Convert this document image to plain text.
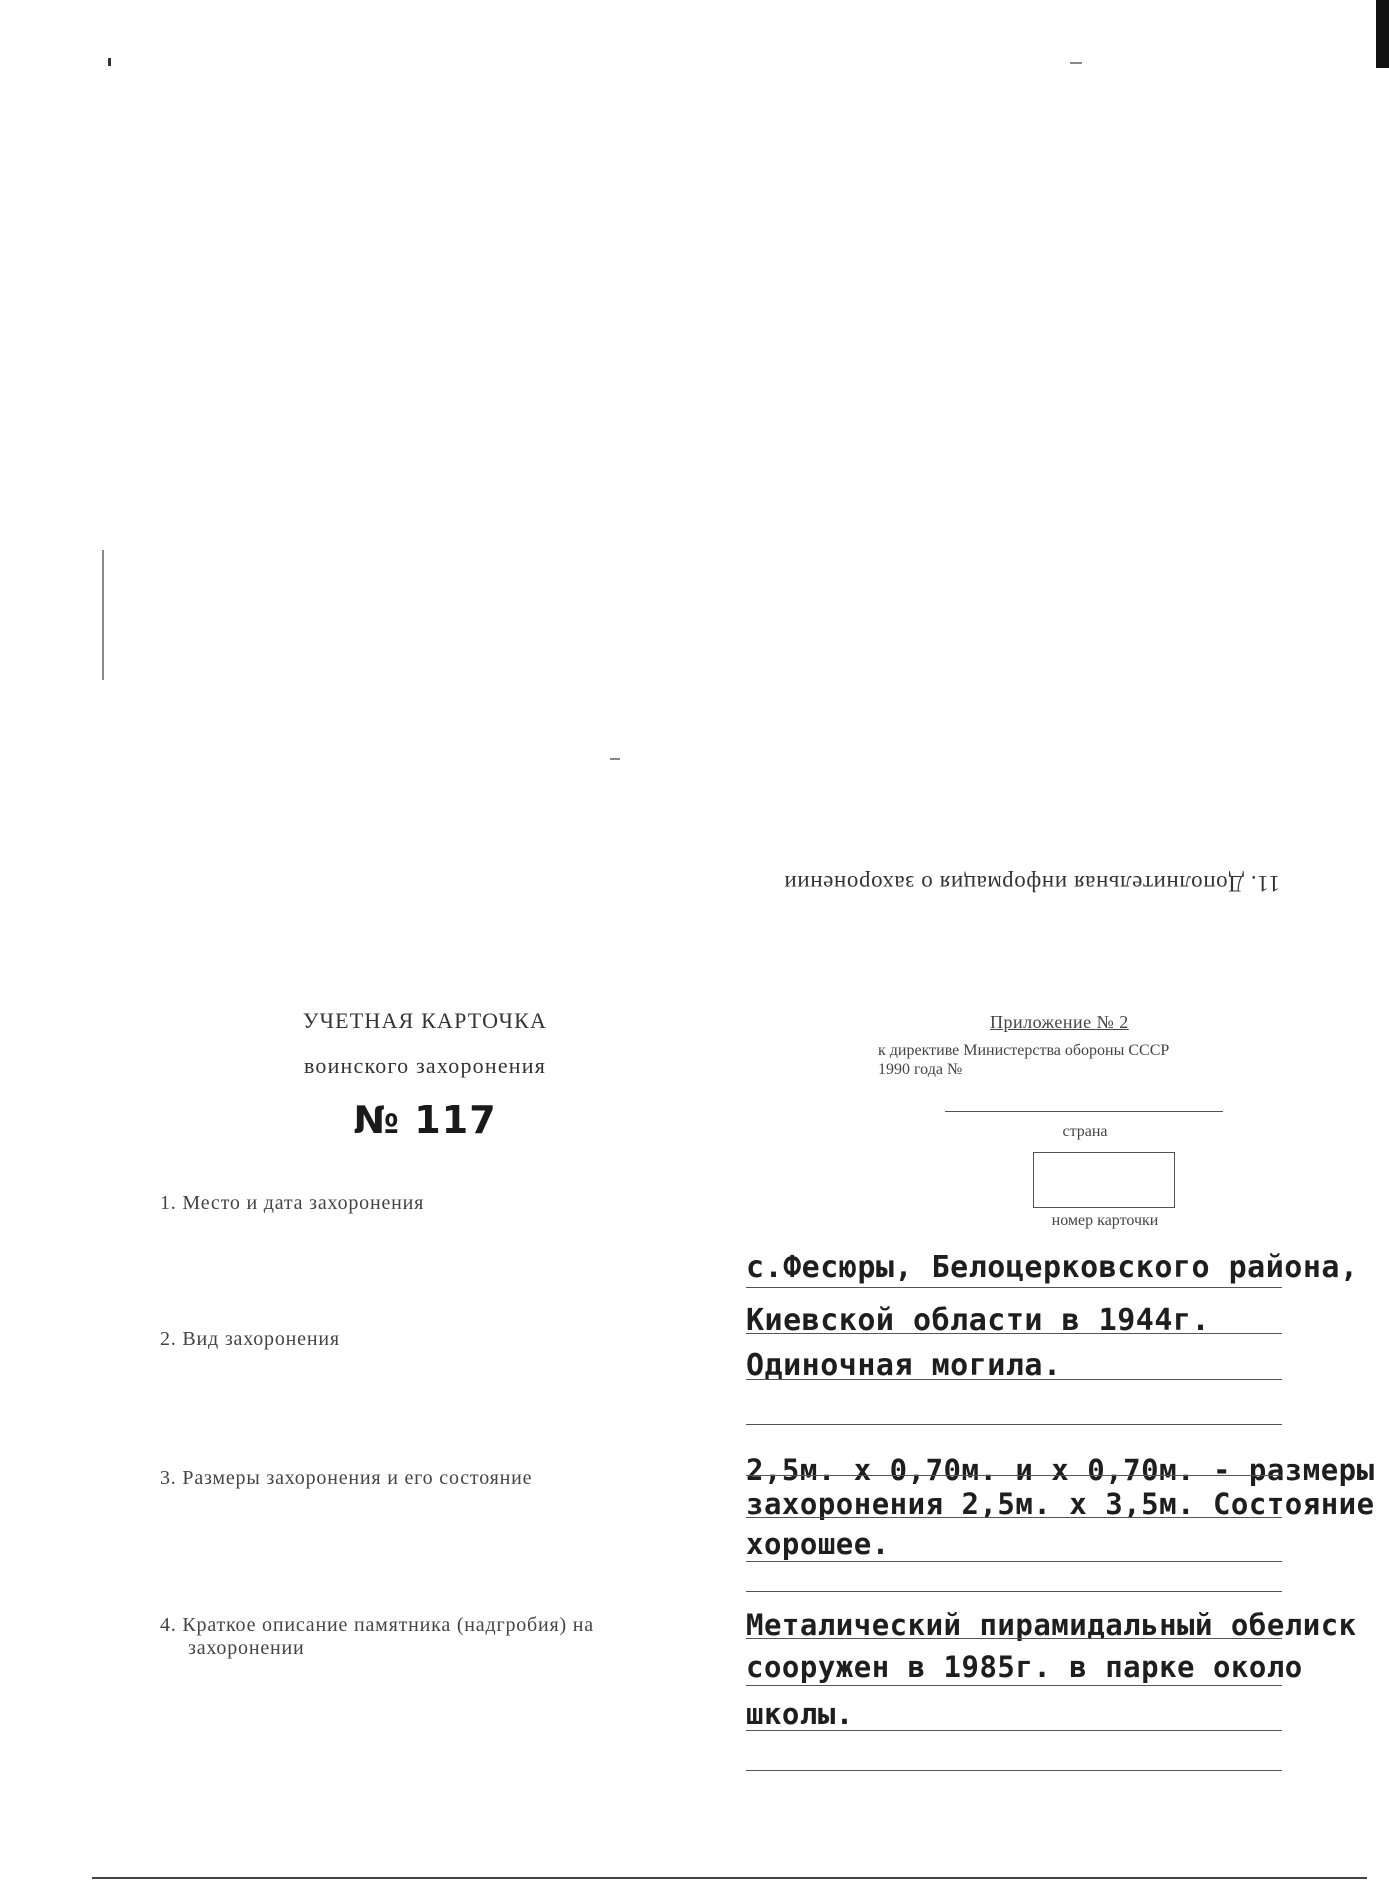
11. Дополнительная информация о захоронении
УЧЕТНАЯ КАРТОЧКА
воинского захоронения
№ 117
Приложение № 2
к директиве Министерства обороны СССР
1990 года №
страна
номер карточки
1. Место и дата захоронения
2. Вид захоронения
3. Размеры захоронения и его состояние
4. Краткое описание памятника (надгробия) на
захоронении
с.Фесюры, Белоцерковского района,
Киевской области в 1944г.
Одиночная могила.
2,5м. х 0,70м. и х 0,70м. - размеры
захоронения 2,5м. х 3,5м. Состояние
хорошее.
Металический пирамидальный обелиск
сооружен в 1985г. в парке около
школы.
